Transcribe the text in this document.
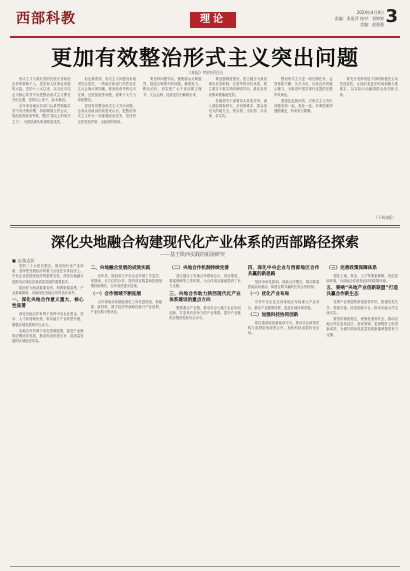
西部科教	理论
2024年4月9日
责编：张思萍 校对：刘婷婷
美编：赵强强 3
更加有效整治形式主义突出问题
《本报》特约评论员

形式主义与我们党的性质宗旨和优良作风格格不入，是党和人民事业发展的大敌。党的十八大以来，以习近平同志为核心的党中央把整治形式主义摆在突出位置，坚持以上率下、标本兼治。

近年来各地区各部门认真贯彻落实党中央决策部署，持续精简文件会议，规范督查检查考核，整治“指尖上的形式主义”，为基层减负取得明显成效。

但也要看到，形式主义问题具有顽固性反复性，一些地方和部门仍然存在文山会海反弹回潮、督查检查考核过多过频、过度留痕等问题，需要下大气力持续整治。

更加有效整治形式主义突出问题，必须从讲政治的高度来认识，把整治形式主义作为一项重要政治任务，坚决纠正热衷造声势、出政绩的现象。

要坚持问题导向，聚焦群众反映强烈、基层反映集中的问题，精准发力、靶向治疗，切实把广大干部从繁文缛节、文山会海、迎来送往中解脱出来。

要加强制度建设，建立健全为基层减负长效机制，完善考核评价体系，树立重实干重实绩的鲜明导向，推动各项政策举措落地见效。

各级领导干部要带头转变作风，深入基层调查研究，多到困难多、群众意见大的地方去，察实情、出实招、办实事、求实效。

整治形式主义是一项长期任务，必须常抓不懈、久久为功，以优良作风凝心聚力，为推进中国式现代化提供坚强作风保证。

要强化监督问责，对形式主义突出问题发现一起、查处一起，对典型案例通报曝光，形成有力震慑。

要充分发挥基层干部的积极性主动性创造性，让他们有更多时间和精力抓落实，以实际行动赢得群众信任和支持。

（下转4版）
深化央地融合构建现代化产业体系的西部路径探索
——基于陕西实践的拓展研究
■ 文/张志民

党的二十大报告提出，建设现代化产业体系，坚持把发展经济的着力点放在实体经济上。中央企业是国民经济的重要支柱，深化央地融合是推动区域经济高质量发展的重要抓手。

陕西作为西部重要省份，科教资源富集，产业基础雄厚，具备深化央地合作的良好条件。

一、深化央地合作意义重大、核心性显著

深化央地合作有利于发挥中央企业资金、技术、人才和管理优势，带动地方产业转型升级，增强区域发展的内生动力。

央地合作有利于优化资源配置，促进产业链供应链协同发展，推动形成优势互补、高质量发展的区域经济布局。

二、央地融合发展的成效实践

近年来，陕西省与中央企业开展了多层次、宽领域、全方位的合作，签约项目数量和投资规模持续增长，合作成效逐步显现。

（一）合作领域不断拓展

合作领域从传统能源化工向先进制造、新能源、新材料、数字经济等战略性新兴产业延伸，产业结构不断优化。

（二）央地合作机制持续完善

建立健全了央地合作联席会议、项目推进、要素保障等工作机制，为合作项目落地提供了有力支撑。

三、央地合作助力陕西现代化产业体系建设的重点方向

聚焦重点产业链，推动央企与地方企业协同创新，打造具有竞争力的产业集群，提升产业链供应链韧性和安全水平。

四、深化中央企业与西部地区合作共赢的新思路

坚持市场化原则，创新合作模式，推动要素资源双向流动，构建互利共赢的长效合作机制。

（一）优化产业布局

引导中央企业在西部地区布局重大产业项目，推动产业梯度转移，促进区域协调发展。

（二）加强科技协同创新

依托秦创原创新驱动平台，推动央企研发机构与高校院所深度合作，加快科技成果转化应用。

（三）完善政策保障体系

强化土地、资金、人才等要素保障，优化营商环境，为央地合作营造良好的政策环境。

五、奏响“央地产业创新联盟”打造共赢合作新生态

发挥产业联盟的桥梁纽带作用，搭建信息共享、资源对接、协同创新平台，推动央地合作走深走实。

要坚持系统观念，统筹发展和安全，推动央地合作在更高层次、更宽领域、更深程度上取得新成效，为谱写陕西高质量发展新篇章提供有力支撑。
